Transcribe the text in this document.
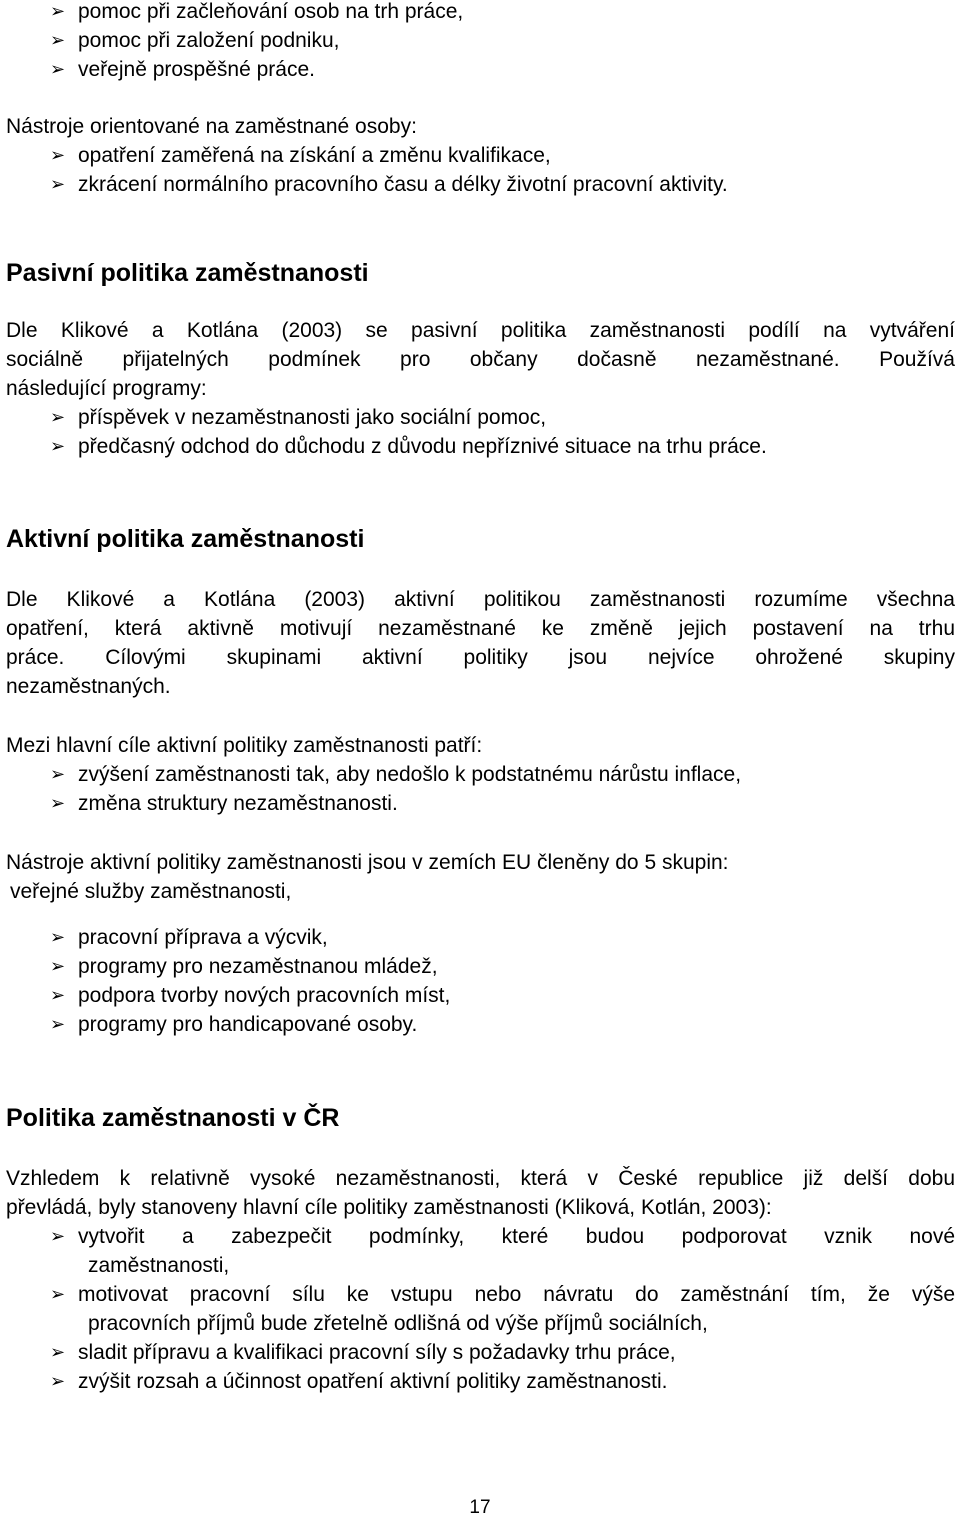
➢ pomoc při začleňování osob na trh práce,
➢ pomoc při založení podniku,
➢ veřejně prospěšné práce.

Nástroje orientované na zaměstnané osoby:

➢ opatření zaměřená na získání a změnu kvalifikace,
➢ zkrácení normálního pracovního času a délky životní pracovní aktivity.
Pasivní politika zaměstnanosti

Dle Klikové a Kotlána (2003) se pasivní politika zaměstnanosti podílí na vytváření

sociálně přijatelných podmínek pro občany dočasně nezaměstnané. Používá

následující programy:

➢ příspěvek v nezaměstnanosti jako sociální pomoc,
➢ předčasný odchod do důchodu z důvodu nepříznivé situace na trhu práce.
Aktivní politika zaměstnanosti

Dle Klikové a Kotlána (2003) aktivní politikou zaměstnanosti rozumíme všechna

opatření, která aktivně motivují nezaměstnané ke změně jejich postavení na trhu

práce. Cílovými skupinami aktivní politiky jsou nejvíce ohrožené skupiny

nezaměstnaných.

Mezi hlavní cíle aktivní politiky zaměstnanosti patří:

➢ zvýšení zaměstnanosti tak, aby nedošlo k podstatnému nárůstu inflace,
➢ změna struktury nezaměstnanosti.

Nástroje aktivní politiky zaměstnanosti jsou v zemích EU členěny do 5 skupin:

veřejné služby zaměstnanosti,

➢ pracovní příprava a výcvik,
➢ programy pro nezaměstnanou mládež,
➢ podpora tvorby nových pracovních míst,
➢ programy pro handicapované osoby.
Politika zaměstnanosti v ČR

Vzhledem k relativně vysoké nezaměstnanosti, která v České republice již delší dobu

převládá, byly stanoveny hlavní cíle politiky zaměstnanosti (Kliková, Kotlán, 2003):

➢ vytvořit a zabezpečit podmínky, které budou podporovat vznik nové
zaměstnanosti,
➢ motivovat pracovní sílu ke vstupu nebo návratu do zaměstnání tím, že výše
pracovních příjmů bude zřetelně odlišná od výše příjmů sociálních,
➢ sladit přípravu a kvalifikaci pracovní síly s požadavky trhu práce,
➢ zvýšit rozsah a účinnost opatření aktivní politiky zaměstnanosti.
17
